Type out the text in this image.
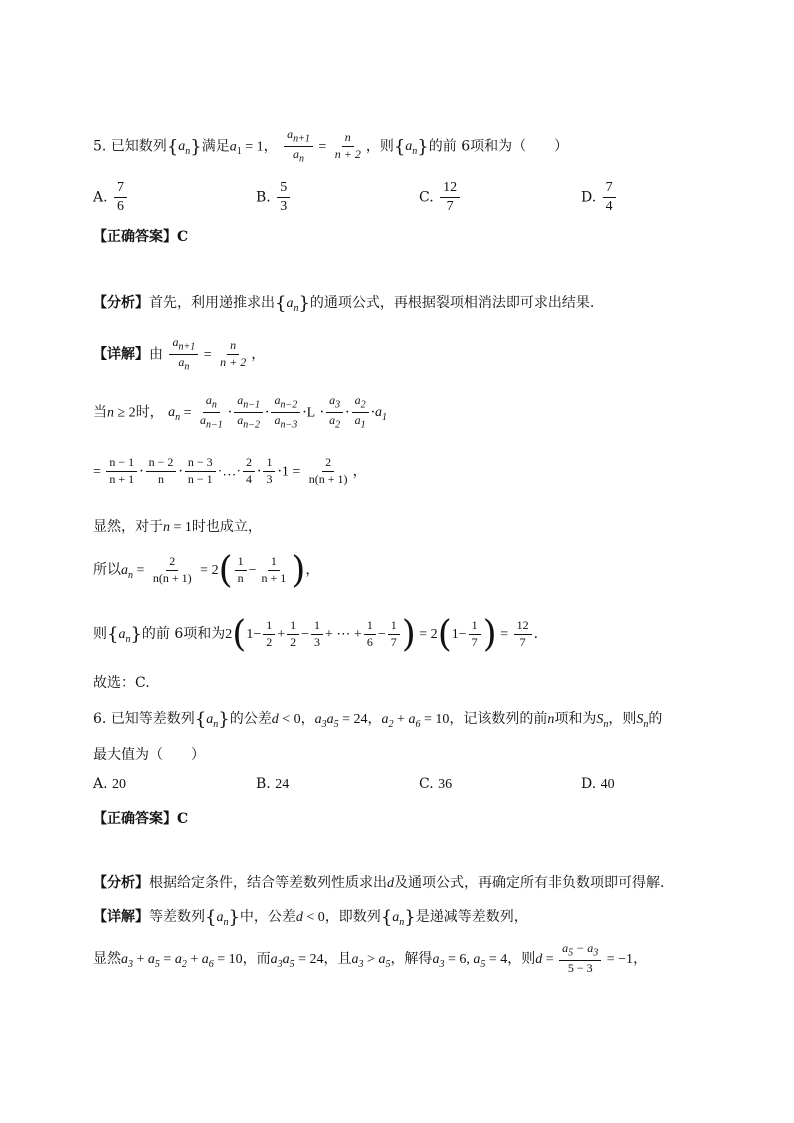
5. 已知数列$\{a_n\}$满足$a_1 = 1$， $\frac{a_{n+1}}{a_n} = \frac{n}{n + 2}$ ，则$\{a_n\}$的前 6项和为（　　）
A. $\frac{7}{6}$	B. $\frac{5}{3}$	C. $\frac{12}{7}$	D. $\frac{7}{4}$
【正确答案】C
【分析】首先，利用递推求出$\{a_n\}$的通项公式，再根据裂项相消法即可求出结果.
【详解】由 $\frac{a_{n+1}}{a_n} = \frac{n}{n + 2}$ ，
当n ≥ 2时， $a_n = \frac{a_n}{a_{n-1}} \cdot \frac{a_{n-1}}{a_{n-2}} \cdot \frac{a_{n-2}}{a_{n-3}} \cdot L \cdot \frac{a_3}{a_2} \cdot \frac{a_2}{a_1} \cdot a_1$
= $\frac{n - 1}{n + 1} \cdot \frac{n - 2}{n} \cdot \frac{n - 3}{n - 1}$ ·…· $\frac{2}{4} \cdot \frac{1}{3} \cdot 1 = \frac{2}{n(n + 1)}$ ，
显然，对于n = 1时也成立，
所以$a_n = \frac{2}{n(n + 1)} = 2( \frac{1}{n} - \frac{1}{n + 1}$ )，
则$\{a_n\}$的前 6项和为$2(1- \frac{1}{2} + \frac{1}{2} - \frac{1}{3}$ + ⋯ + $\frac{1}{6} - \frac{1}{7}$ ) = $2(1- \frac{1}{7}$ ) = $\frac{12}{7}$ .
故选：C.
6. 已知等差数列$\{a_n\}$的公差d < 0，$a_3a_5 = 24$，$a_2 + a_6 = 10$，记该数列的前n项和为$S_n$，则$S_n$的
最大值为（　　）
A. 20	B. 24	C. 36	D. 40
【正确答案】C
【分析】根据给定条件，结合等差数列性质求出d及通项公式，再确定所有非负数项即可得解.
【详解】等差数列$\{a_n\}$中，公差d < 0，即数列$\{a_n\}$是递减等差数列，
显然$a_3 + a_5 = a_2 + a_6 = 10$，而$a_3a_5 = 24$，且$a_3 > a_5$，解得$a_3 = 6$, $a_5 = 4$，则$d = \frac{a_5 - a_3}{5 - 3} = -1$，
